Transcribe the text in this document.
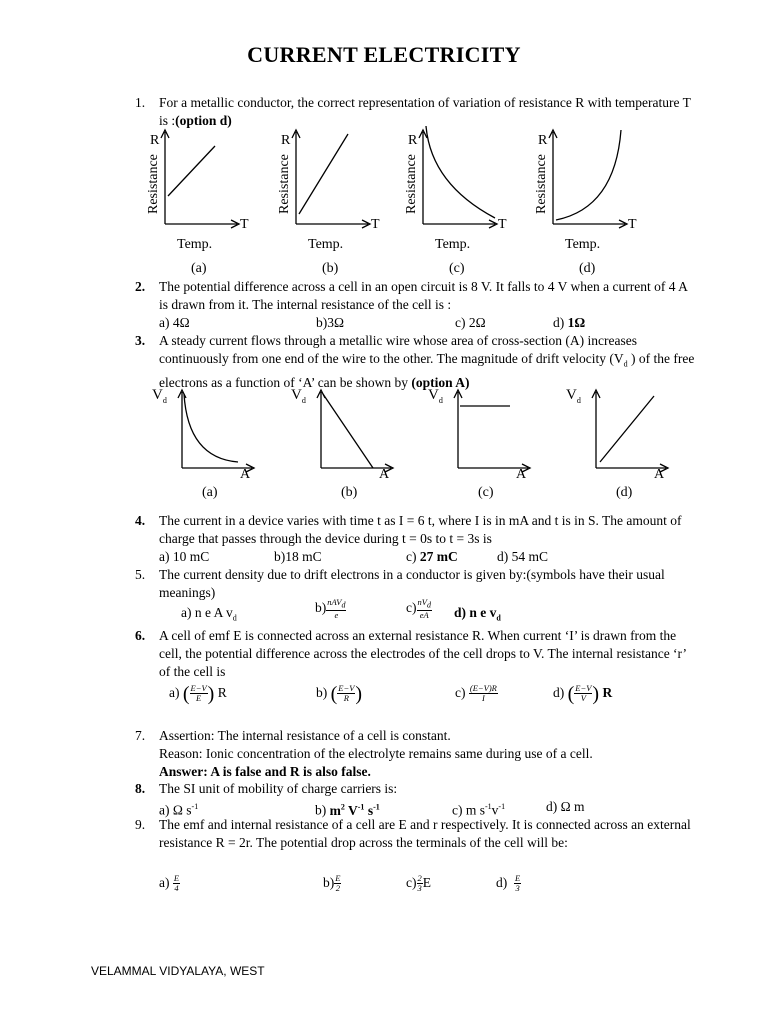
CURRENT ELECTRICITY
1.	For a metallic conductor, the correct representation of variation of resistance R with temperature T is :(option d)
R
T
Resistance
Temp.
(a)
R
T
Resistance
Temp.
(b)
R
T
Resistance
Temp.
(c)
R
T
Resistance
Temp.
(d)
2.	The potential difference across a cell in an open circuit is 8 V. It falls to 4 V when a current of 4 A is drawn from it. The internal resistance of the cell is :
a) 4Ω	b)3Ω	c) 2Ω	d) 1Ω
3.	A steady current flows through a metallic wire whose area of cross-section (A) increases continuously from one end of the wire to the other. The magnitude of drift velocity ($V_d$ ) of the free electrons as a function of ‘A’ can be shown by (option A)
$V_d$
A
(a)
$V_d$
A
(b)
$V_d$
A
(c)
$V_d$
A
(d)
4.	The current in a device varies with time t as I = 6 t, where I is in mA and t is in S. The amount of charge that passes through the device during t = 0s to t = 3s is
a) 10 mC	b)18 mC	c) 27 mC	d) 54 mC
5.	The current density due to drift electrons in a conductor is given by:(symbols have their usual meanings)
a) n e A $v_d$
$b) \frac{nAV_d}{e}$	$c) \frac{nV_d}{eA} d$) n e $v_d$
6.	A cell of emf E is connected across an external resistance R. When current ‘I’ is drawn from the cell, the potential difference across the electrodes of the cell drops to V. The internal resistance ‘r’ of the cell is
a) ( $\frac{E-V}{E}$ ) R	b) ( $\frac{E-V}{R}$ )	$c) \frac{(E-V)R}{I}$	d) ( $\frac{E-V}{V}$ ) R
7.	Assertion: The internal resistance of a cell is constant.
Reason: Ionic concentration of the electrolyte remains same during use of a cell.
Answer: A is false and R is also false.
8.	The SI unit of mobility of charge carriers is:
a) Ω $s^{-1}$	b) $m^2$ $V^{-1}$ $s^{-1}$	c) m $s^{-1}v^{-1}$	d) Ω m
9.	The emf and internal resistance of a cell are E and r respectively. It is connected across an external resistance R = 2r. The potential drop across the terminals of the cell will be:
$a) \frac{E}{4}$	$b) \frac{E}{2}$	$c) \frac{2}{3}$ E	$d) \frac{E}{3}$
VELAMMAL VIDYALAYA, WEST
